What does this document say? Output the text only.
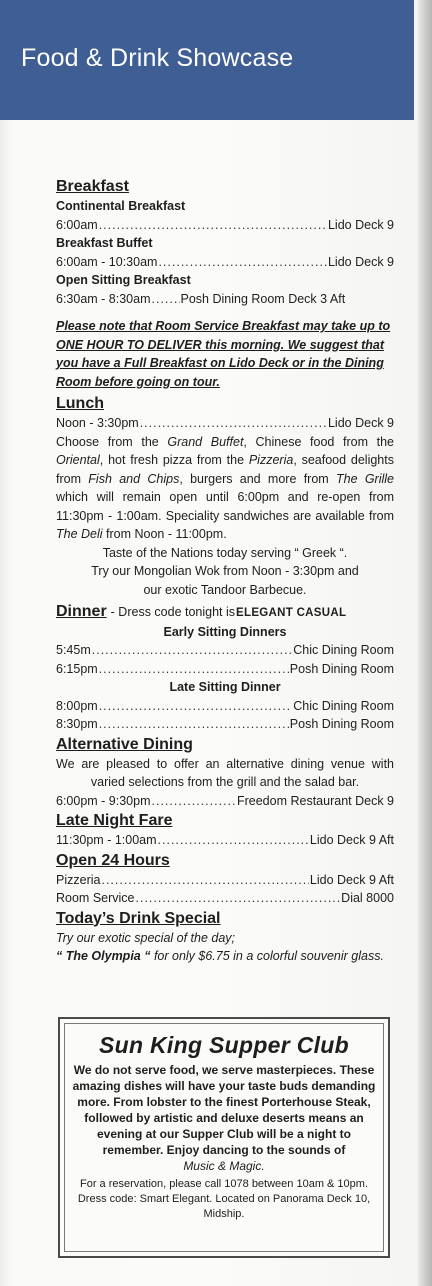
Food & Drink Showcase
Breakfast
Continental Breakfast
6:00am .....	Lido Deck 9
Breakfast Buffet
6:00am - 10:30am .....	Lido Deck 9
Open Sitting Breakfast
6:30am - 8:30am ..... Posh Dining Room Deck 3 Aft
Please note that Room Service Breakfast may take up to ONE HOUR TO DELIVER this morning. We suggest that you have a Full Breakfast on Lido Deck or in the Dining Room before going on tour.
Lunch
Noon - 3:30pm .....	Lido Deck 9
Choose from the Grand Buffet, Chinese food from the Oriental, hot fresh pizza from the Pizzeria, seafood delights from Fish and Chips, burgers and more from The Grille which will remain open until 6:00pm and re-open from 11:30pm - 1:00am. Speciality sandwiches are available from The Deli from Noon - 11:00pm.
Taste of the Nations today serving “ Greek “.
Try our Mongolian Wok from Noon - 3:30pm and
our exotic Tandoor Barbecue.
Dinner - Dress code tonight is ELEGANT CASUAL
Early Sitting Dinners
5:45m .....	Chic Dining Room
6:15pm .....	Posh Dining Room
Late Sitting Dinner
8:00pm .....	Chic Dining Room
8:30pm .....	Posh Dining Room
Alternative Dining
We are pleased to offer an alternative dining venue with varied selections from the grill and the salad bar.
6:00pm - 9:30pm .....	Freedom Restaurant Deck 9
Late Night Fare
11:30pm - 1:00am .....	Lido Deck 9 Aft
Open 24 Hours
Pizzeria .....	Lido Deck 9 Aft
Room Service .....	Dial 8000
Today’s Drink Special
Try our exotic special of the day;
“ The Olympia “ for only $6.75 in a colorful souvenir glass.
Sun King Supper Club
We do not serve food, we serve masterpieces. These amazing dishes will have your taste buds demanding more. From lobster to the finest Porterhouse Steak, followed by artistic and deluxe deserts means an evening at our Supper Club will be a night to remember. Enjoy dancing to the sounds of
Music & Magic.
For a reservation, please call 1078 between 10am & 10pm. Dress code: Smart Elegant. Located on Panorama Deck 10, Midship.
